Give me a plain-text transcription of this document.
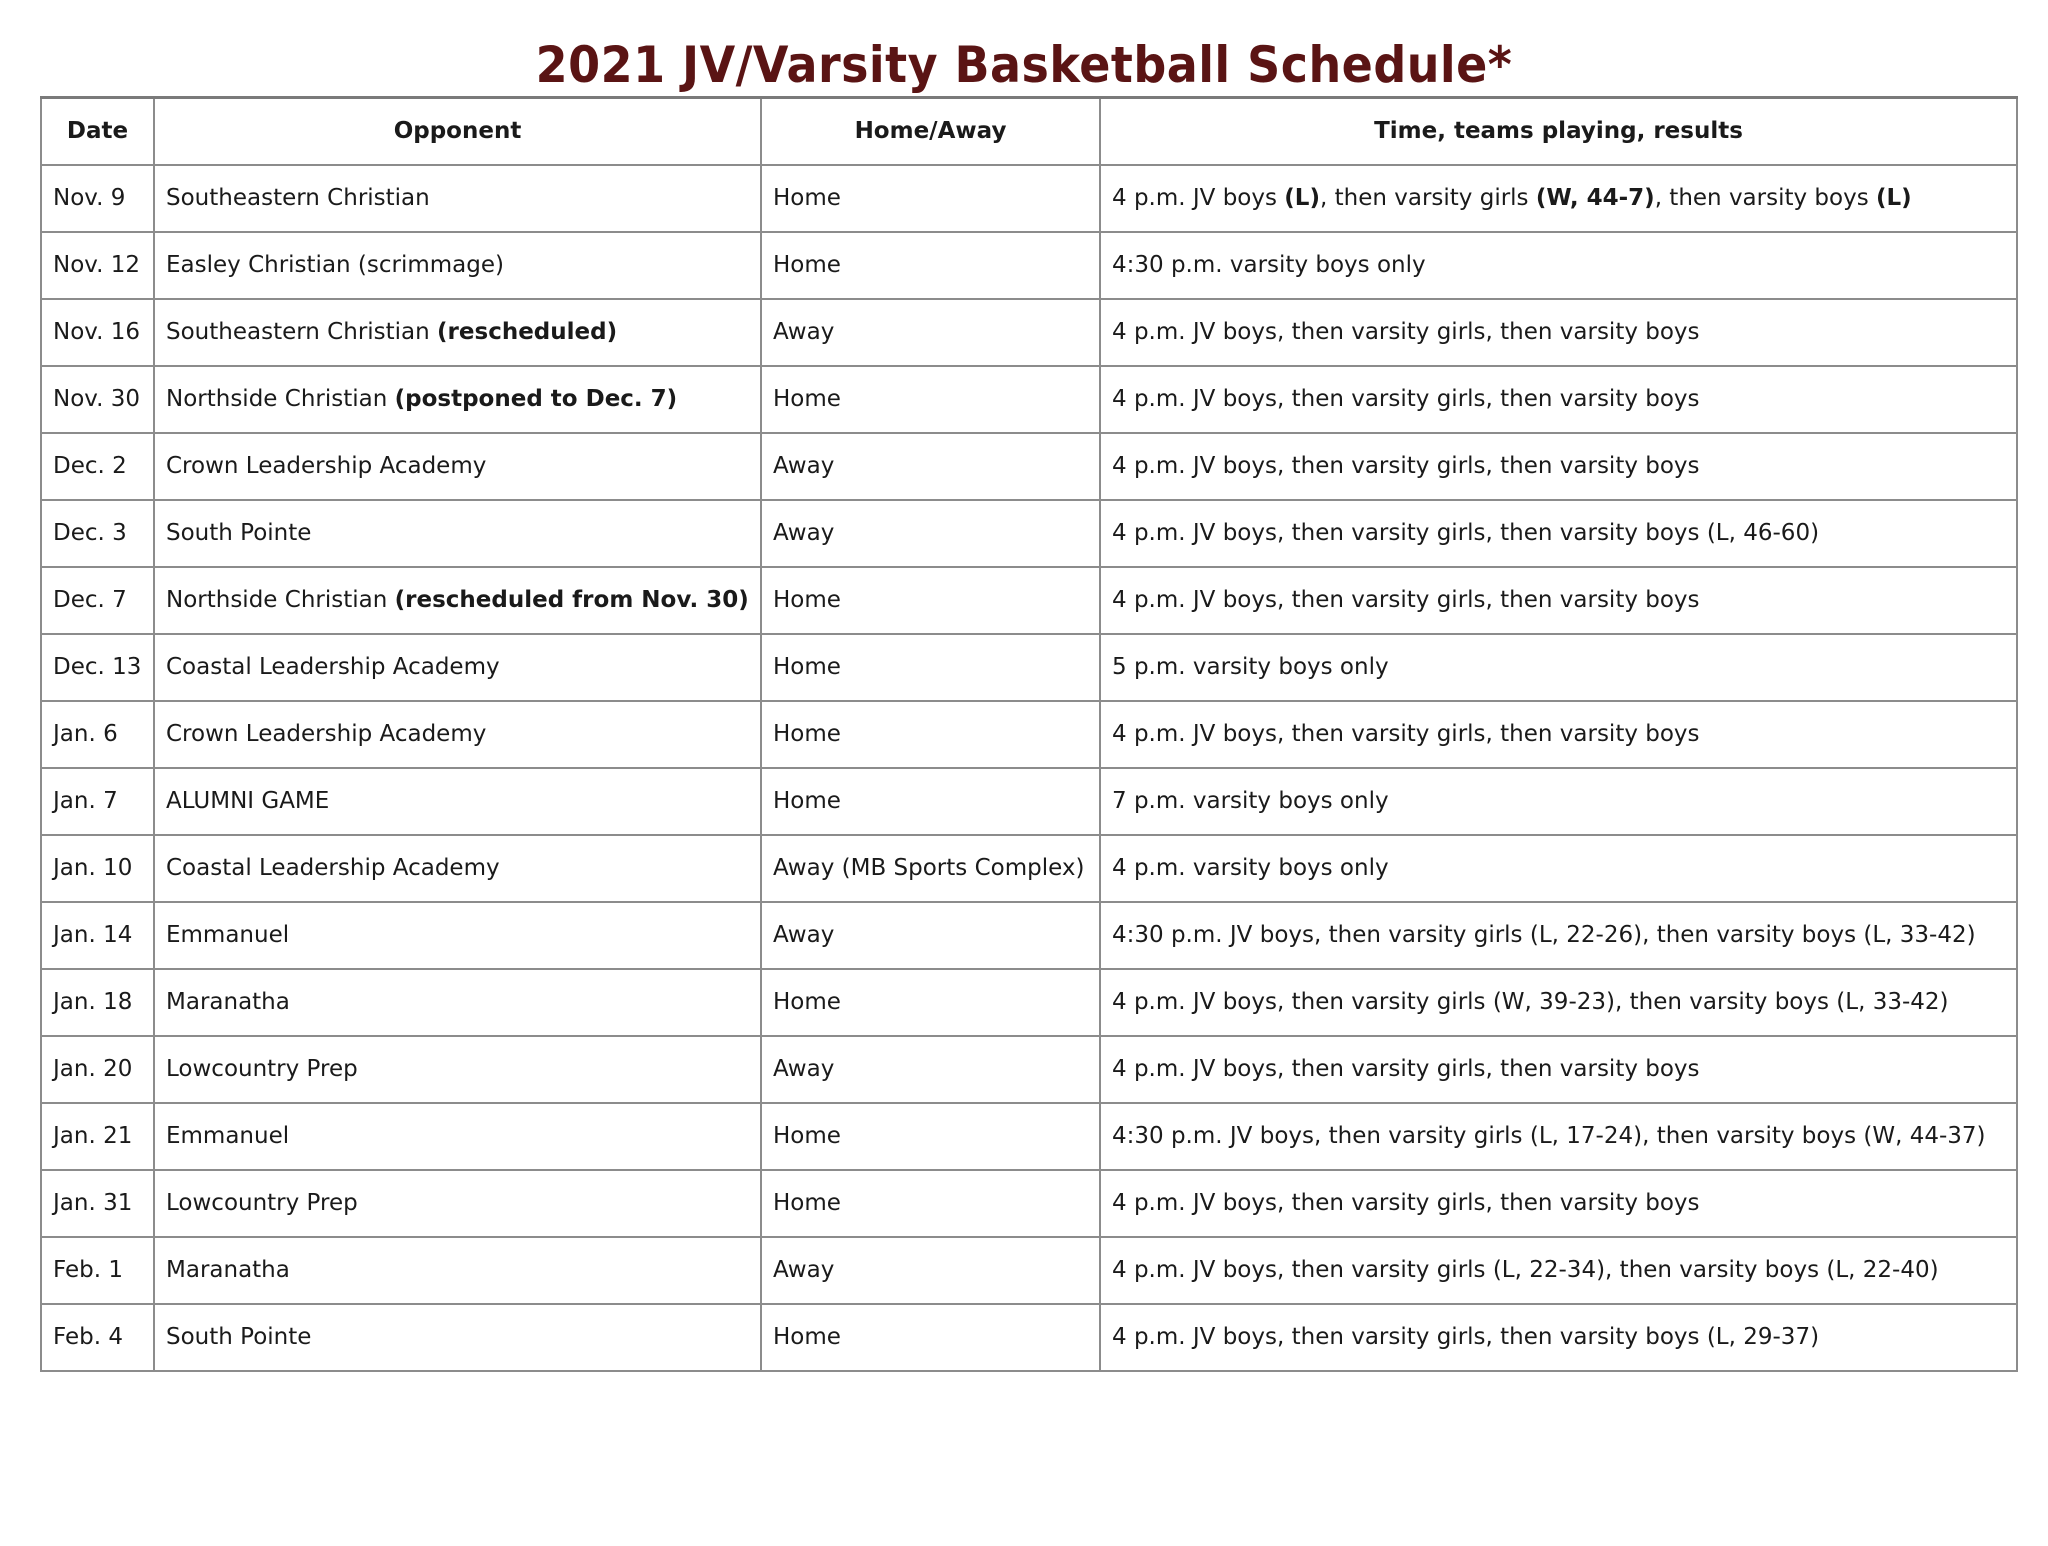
2021 JV/Varsity Basketball Schedule*
Date	Opponent	Home/Away	Time, teams playing, results
Nov. 9	Southeastern Christian	Home	4 p.m. JV boys (L), then varsity girls (W, 44-7), then varsity boys (L)
Nov. 12	Easley Christian (scrimmage)	Home	4:30 p.m. varsity boys only
Nov. 16	Southeastern Christian (rescheduled)	Away	4 p.m. JV boys, then varsity girls, then varsity boys
Nov. 30	Northside Christian (postponed to Dec. 7)	Home	4 p.m. JV boys, then varsity girls, then varsity boys
Dec. 2	Crown Leadership Academy	Away	4 p.m. JV boys, then varsity girls, then varsity boys
Dec. 3	South Pointe	Away	4 p.m. JV boys, then varsity girls, then varsity boys (L, 46-60)
Dec. 7	Northside Christian (rescheduled from Nov. 30)	Home	4 p.m. JV boys, then varsity girls, then varsity boys
Dec. 13	Coastal Leadership Academy	Home	5 p.m. varsity boys only
Jan. 6	Crown Leadership Academy	Home	4 p.m. JV boys, then varsity girls, then varsity boys
Jan. 7	ALUMNI GAME	Home	7 p.m. varsity boys only
Jan. 10	Coastal Leadership Academy	Away (MB Sports Complex)	4 p.m. varsity boys only
Jan. 14	Emmanuel	Away	4:30 p.m. JV boys, then varsity girls (L, 22-26), then varsity boys (L, 33-42)
Jan. 18	Maranatha	Home	4 p.m. JV boys, then varsity girls (W, 39-23), then varsity boys (L, 33-42)
Jan. 20	Lowcountry Prep	Away	4 p.m. JV boys, then varsity girls, then varsity boys
Jan. 21	Emmanuel	Home	4:30 p.m. JV boys, then varsity girls (L, 17-24), then varsity boys (W, 44-37)
Jan. 31	Lowcountry Prep	Home	4 p.m. JV boys, then varsity girls, then varsity boys
Feb. 1	Maranatha	Away	4 p.m. JV boys, then varsity girls (L, 22-34), then varsity boys (L, 22-40)
Feb. 4	South Pointe	Home	4 p.m. JV boys, then varsity girls, then varsity boys (L, 29-37)
